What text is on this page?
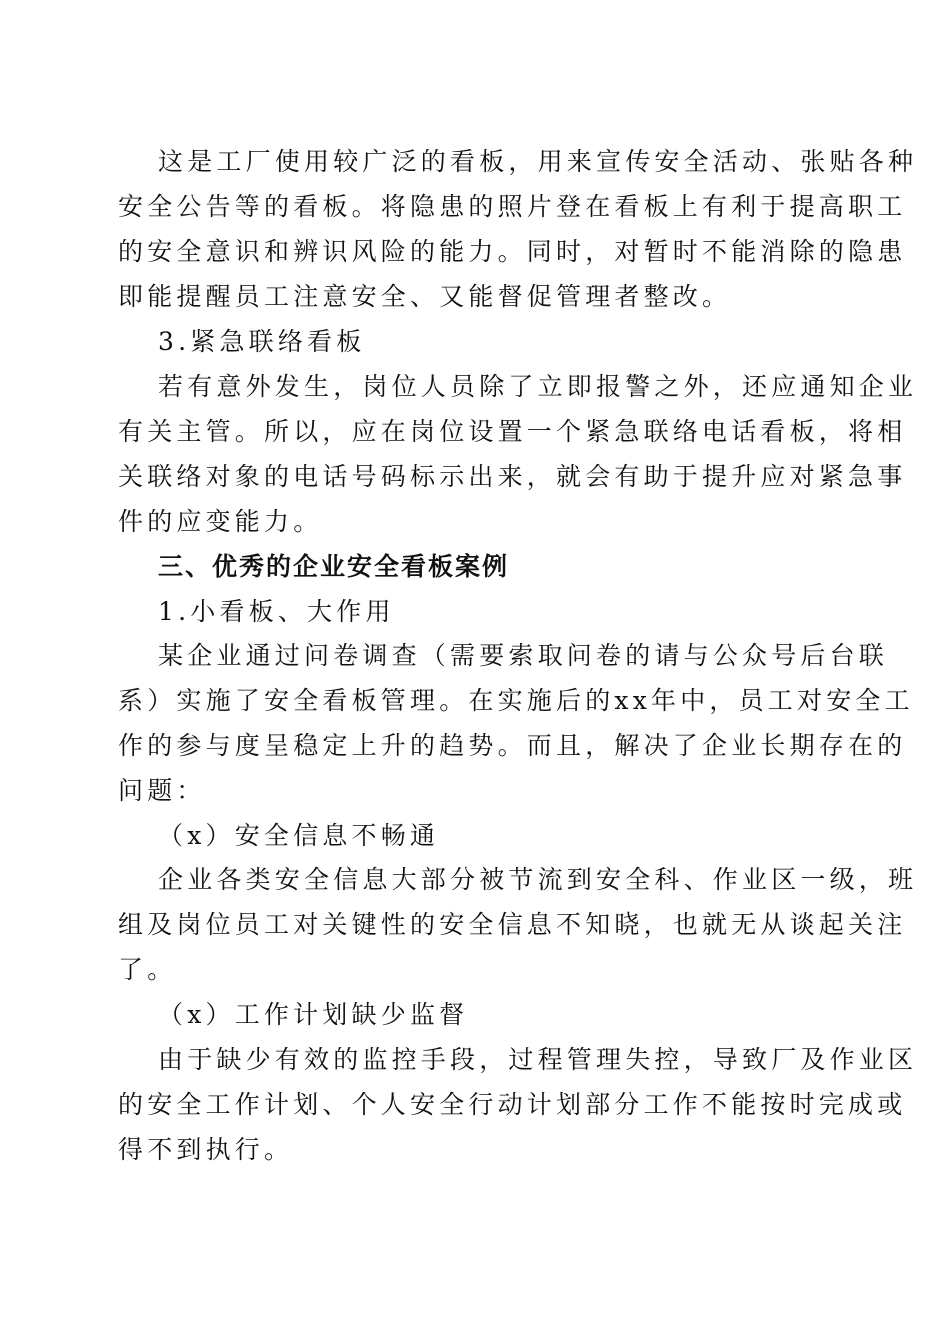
这是工厂使用较广泛的看板，用来宣传安全活动、张贴各种
安全公告等的看板。将隐患的照片登在看板上有利于提高职工
的安全意识和辨识风险的能力。同时，对暂时不能消除的隐患
即能提醒员工注意安全、又能督促管理者整改。
3.紧急联络看板
若有意外发生，岗位人员除了立即报警之外，还应通知企业
有关主管。所以，应在岗位设置一个紧急联络电话看板，将相
关联络对象的电话号码标示出来，就会有助于提升应对紧急事
件的应变能力。
三、优秀的企业安全看板案例
1.小看板、大作用
某企业通过问卷调查（需要索取问卷的请与公众号后台联
系）实施了安全看板管理。在实施后的xx年中，员工对安全工
作的参与度呈稳定上升的趋势。而且，解决了企业长期存在的
问题：
（x）安全信息不畅通
企业各类安全信息大部分被节流到安全科、作业区一级，班
组及岗位员工对关键性的安全信息不知晓，也就无从谈起关注
了。
（x）工作计划缺少监督
由于缺少有效的监控手段，过程管理失控，导致厂及作业区
的安全工作计划、个人安全行动计划部分工作不能按时完成或
得不到执行。
